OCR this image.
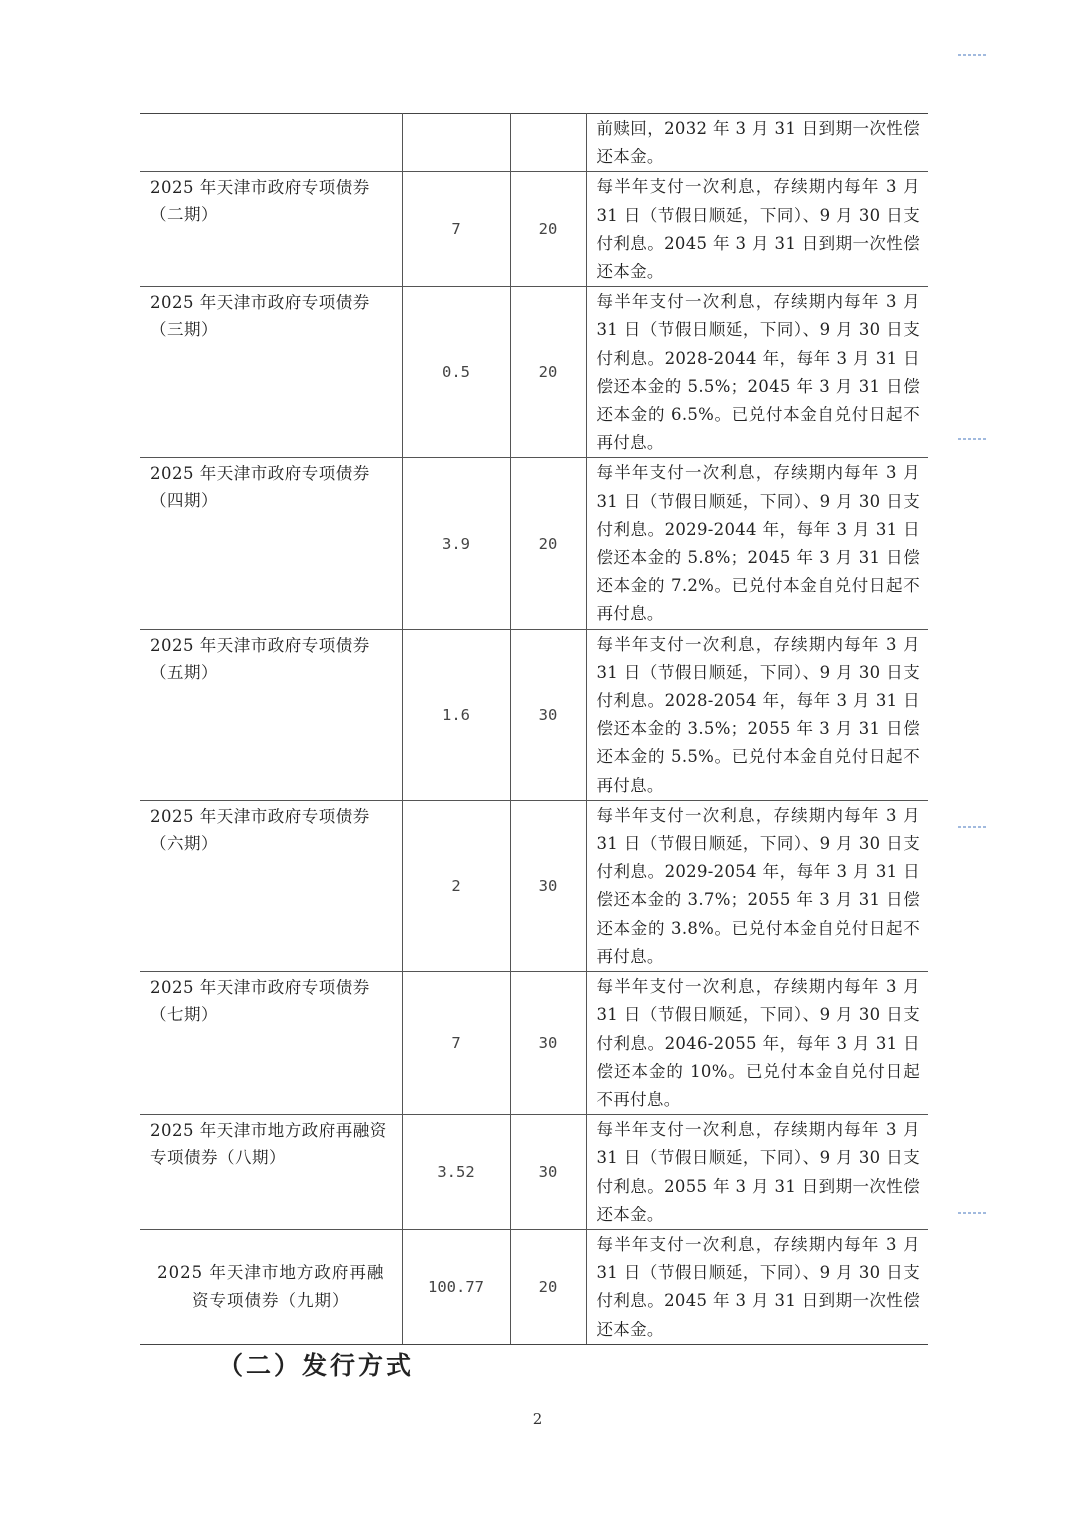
			前赎回，2032 年 3 月 31 日到期一次性偿还本金。
2025 年天津市政府专项债券（二期）	7	20	每半年支付一次利息，存续期内每年 3 月 31 日（节假日顺延，下同）、9 月 30 日支付利息。2045 年 3 月 31 日到期一次性偿还本金。
2025 年天津市政府专项债券（三期）	0.5	20	每半年支付一次利息，存续期内每年 3 月 31 日（节假日顺延，下同）、9 月 30 日支付利息。2028-2044 年，每年 3 月 31 日偿还本金的 5.5%；2045 年 3 月 31 日偿还本金的 6.5%。已兑付本金自兑付日起不再付息。
2025 年天津市政府专项债券（四期）	3.9	20	每半年支付一次利息，存续期内每年 3 月 31 日（节假日顺延，下同）、9 月 30 日支付利息。2029-2044 年，每年 3 月 31 日偿还本金的 5.8%；2045 年 3 月 31 日偿还本金的 7.2%。已兑付本金自兑付日起不再付息。
2025 年天津市政府专项债券（五期）	1.6	30	每半年支付一次利息，存续期内每年 3 月 31 日（节假日顺延，下同）、9 月 30 日支付利息。2028-2054 年，每年 3 月 31 日偿还本金的 3.5%；2055 年 3 月 31 日偿还本金的 5.5%。已兑付本金自兑付日起不再付息。
2025 年天津市政府专项债券（六期）	2	30	每半年支付一次利息，存续期内每年 3 月 31 日（节假日顺延，下同）、9 月 30 日支付利息。2029-2054 年，每年 3 月 31 日偿还本金的 3.7%；2055 年 3 月 31 日偿还本金的 3.8%。已兑付本金自兑付日起不再付息。
2025 年天津市政府专项债券（七期）	7	30	每半年支付一次利息，存续期内每年 3 月 31 日（节假日顺延，下同）、9 月 30 日支付利息。2046-2055 年，每年 3 月 31 日偿还本金的 10%。已兑付本金自兑付日起不再付息。
2025 年天津市地方政府再融资专项债券（八期）	3.52	30	每半年支付一次利息，存续期内每年 3 月 31 日（节假日顺延，下同）、9 月 30 日支付利息。2055 年 3 月 31 日到期一次性偿还本金。
2025 年天津市地方政府再融资专项债券（九期）	100.77	20	每半年支付一次利息，存续期内每年 3 月 31 日（节假日顺延，下同）、9 月 30 日支付利息。2045 年 3 月 31 日到期一次性偿还本金。
（二）发行方式
2
